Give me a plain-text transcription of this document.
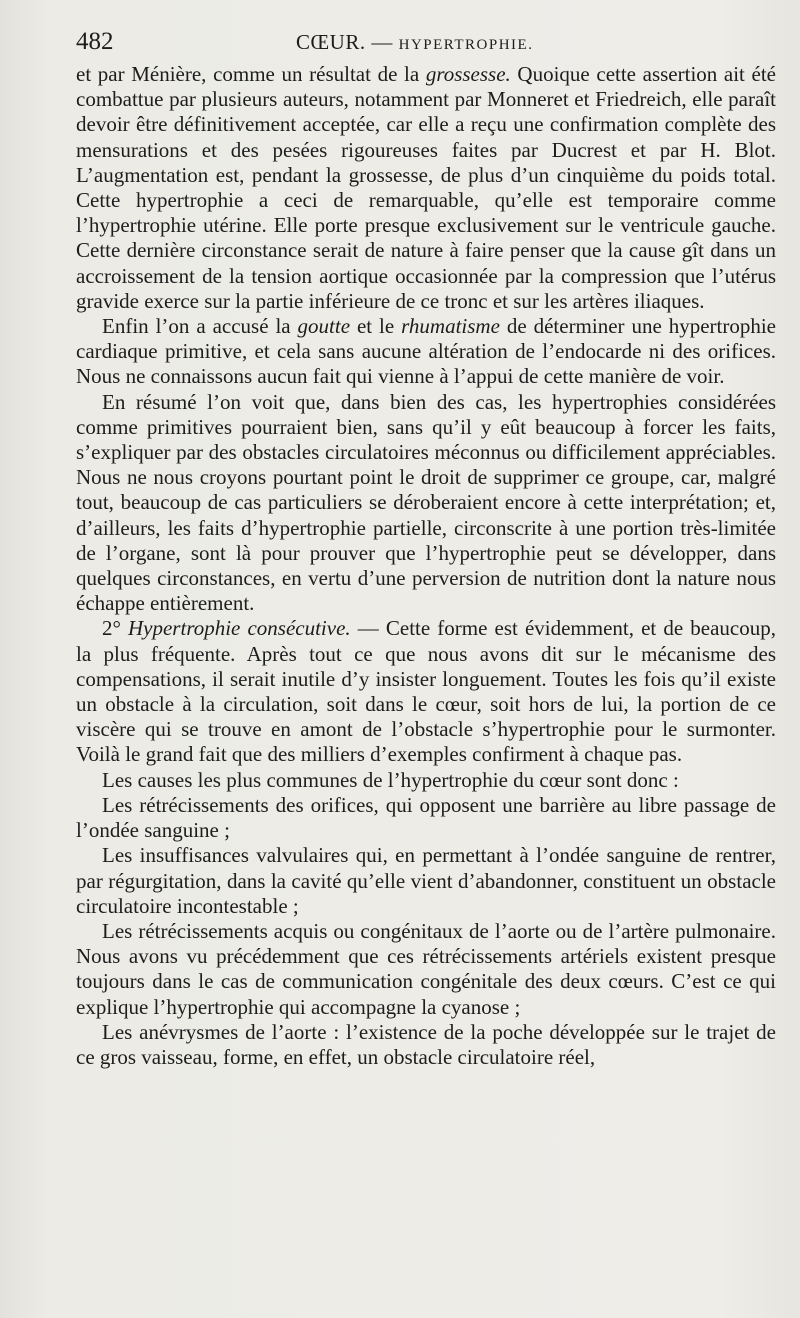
482	CŒUR. — HYPERTROPHIE.

et par Ménière, comme un résultat de la grossesse. Quoique cette assertion ait été combattue par plusieurs auteurs, notamment par Monneret et Friedreich, elle paraît devoir être définitivement acceptée, car elle a reçu une confirmation complète des mensurations et des pesées rigoureuses faites par Ducrest et par H. Blot. L’augmentation est, pendant la grossesse, de plus d’un cinquième du poids total. Cette hypertrophie a ceci de remarquable, qu’elle est temporaire comme l’hypertrophie utérine. Elle porte presque exclusivement sur le ventricule gauche. Cette dernière circonstance serait de nature à faire penser que la cause gît dans un accroissement de la tension aortique occasionnée par la compression que l’utérus gravide exerce sur la partie inférieure de ce tronc et sur les artères iliaques.

Enfin l’on a accusé la goutte et le rhumatisme de déterminer une hypertrophie cardiaque primitive, et cela sans aucune altération de l’endocarde ni des orifices. Nous ne connaissons aucun fait qui vienne à l’appui de cette manière de voir.

En résumé l’on voit que, dans bien des cas, les hypertrophies considérées comme primitives pourraient bien, sans qu’il y eût beaucoup à forcer les faits, s’expliquer par des obstacles circulatoires méconnus ou difficilement appréciables. Nous ne nous croyons pourtant point le droit de supprimer ce groupe, car, malgré tout, beaucoup de cas particuliers se déroberaient encore à cette interprétation; et, d’ailleurs, les faits d’hypertrophie partielle, circonscrite à une portion très-limitée de l’organe, sont là pour prouver que l’hypertrophie peut se développer, dans quelques circonstances, en vertu d’une perversion de nutrition dont la nature nous échappe entièrement.

2° Hypertrophie consécutive. — Cette forme est évidemment, et de beaucoup, la plus fréquente. Après tout ce que nous avons dit sur le mécanisme des compensations, il serait inutile d’y insister longuement. Toutes les fois qu’il existe un obstacle à la circulation, soit dans le cœur, soit hors de lui, la portion de ce viscère qui se trouve en amont de l’obstacle s’hypertrophie pour le surmonter. Voilà le grand fait que des milliers d’exemples confirment à chaque pas.

Les causes les plus communes de l’hypertrophie du cœur sont donc :

Les rétrécissements des orifices, qui opposent une barrière au libre passage de l’ondée sanguine ;

Les insuffisances valvulaires qui, en permettant à l’ondée sanguine de rentrer, par régurgitation, dans la cavité qu’elle vient d’abandonner, constituent un obstacle circulatoire incontestable ;

Les rétrécissements acquis ou congénitaux de l’aorte ou de l’artère pulmonaire. Nous avons vu précédemment que ces rétrécissements artériels existent presque toujours dans le cas de communication congénitale des deux cœurs. C’est ce qui explique l’hypertrophie qui accompagne la cyanose ;

Les anévrysmes de l’aorte : l’existence de la poche développée sur le trajet de ce gros vaisseau, forme, en effet, un obstacle circulatoire réel,
